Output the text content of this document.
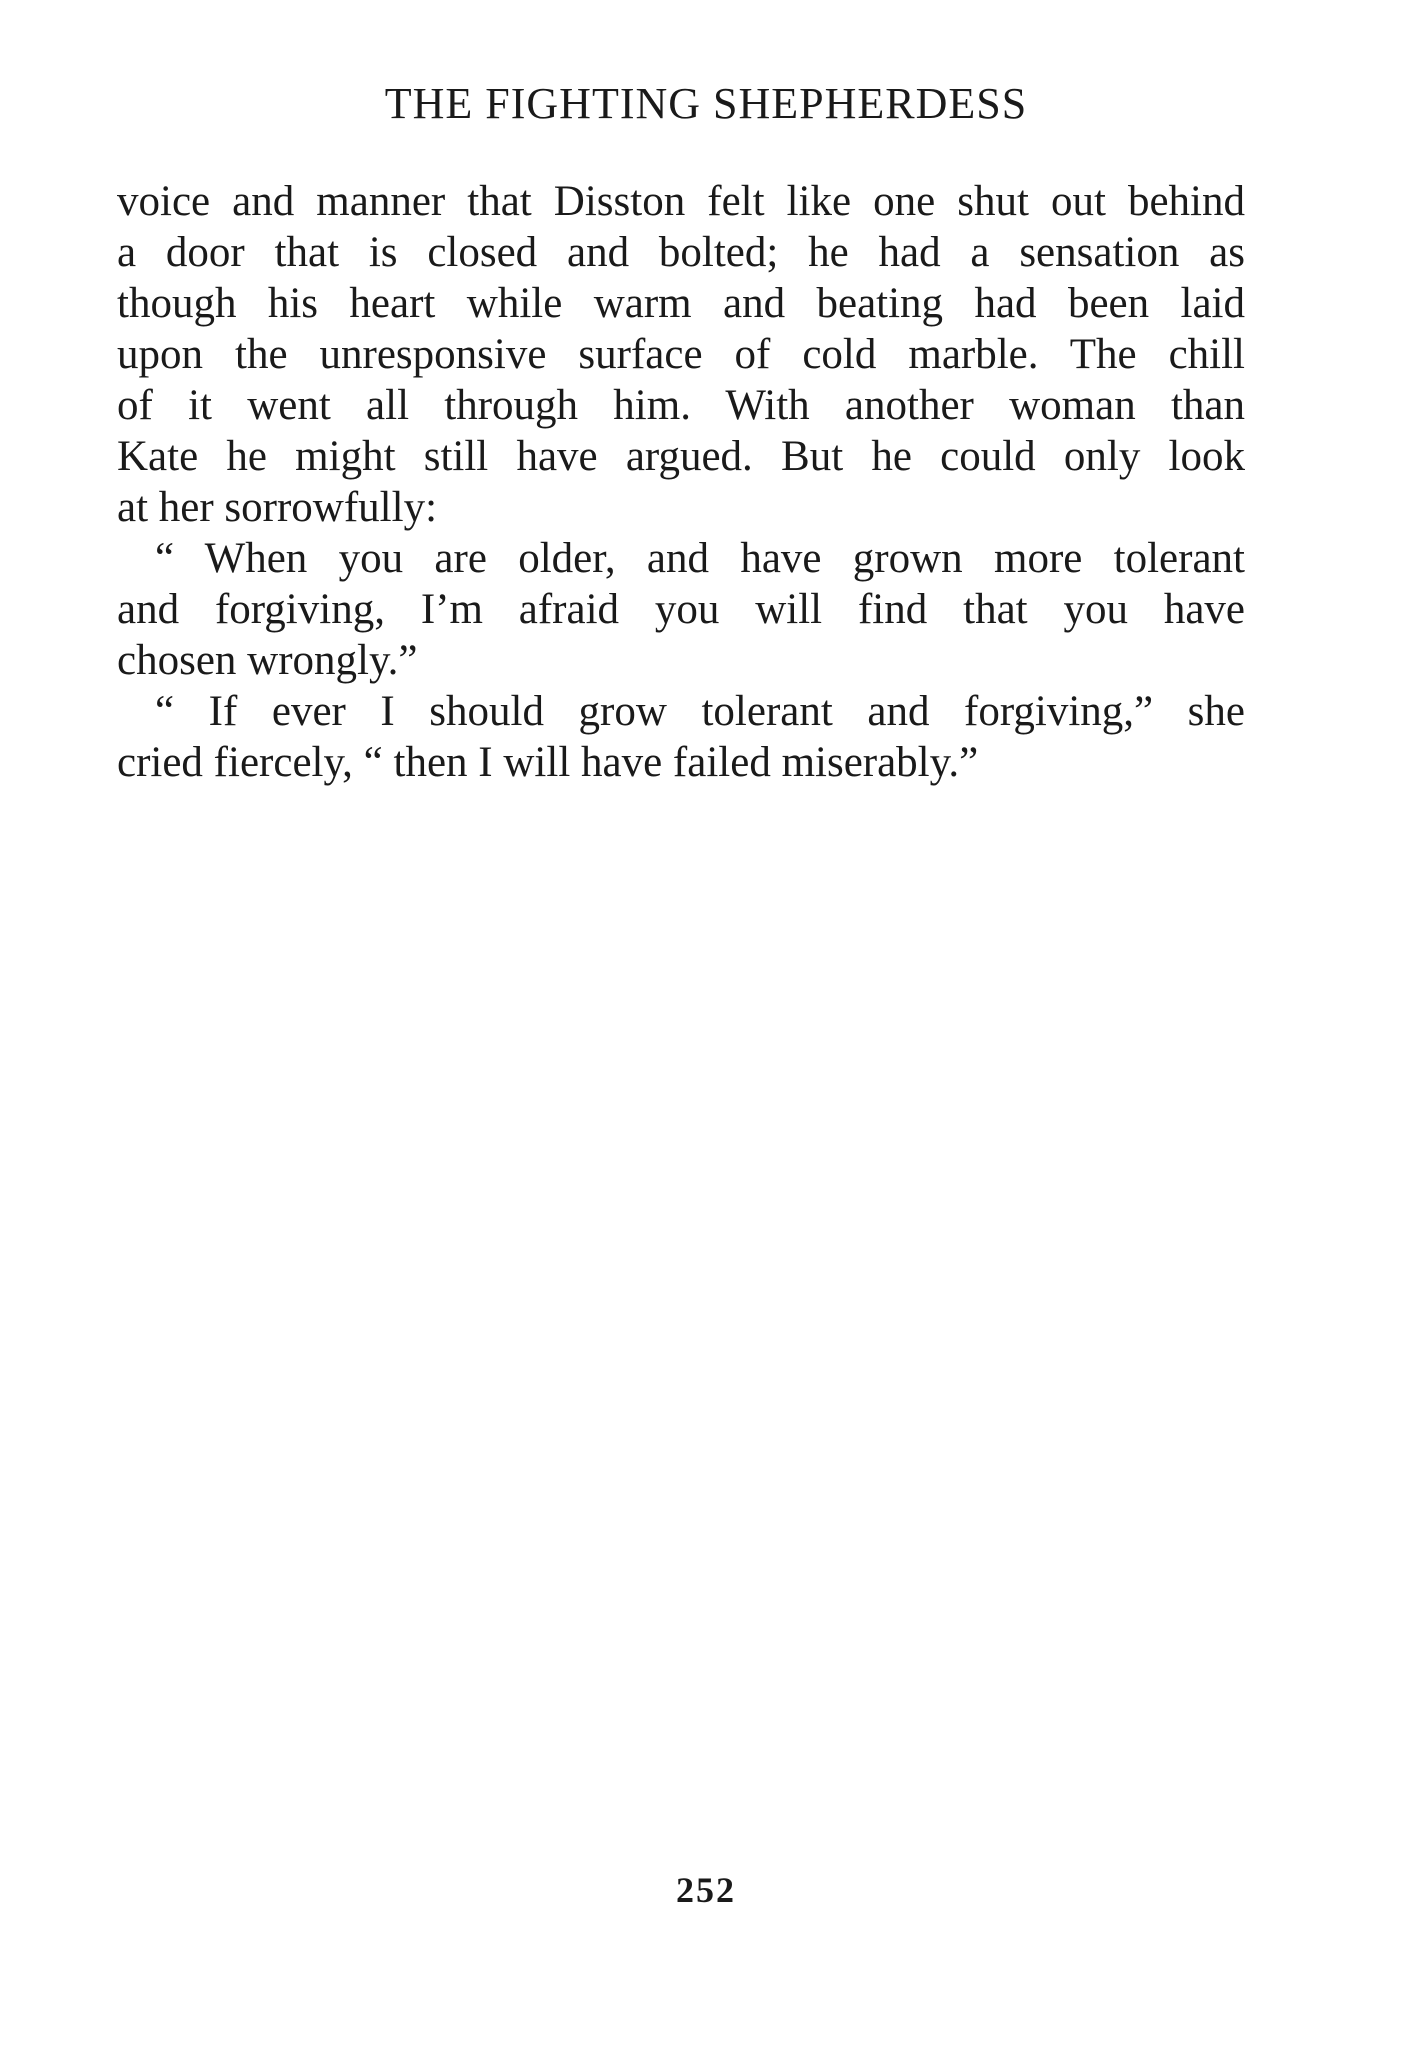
THE FIGHTING SHEPHERDESS
voice and manner that Disston felt like one shut out behind
a door that is closed and bolted; he had a sensation as
though his heart while warm and beating had been laid
upon the unresponsive surface of cold marble. The chill
of it went all through him. With another woman than
Kate he might still have argued. But he could only look
at her sorrowfully:
“ When you are older, and have grown more tolerant
and forgiving, I’m afraid you will find that you have
chosen wrongly.”
“ If ever I should grow tolerant and forgiving,” she
cried fiercely, “ then I will have failed miserably.”
252
